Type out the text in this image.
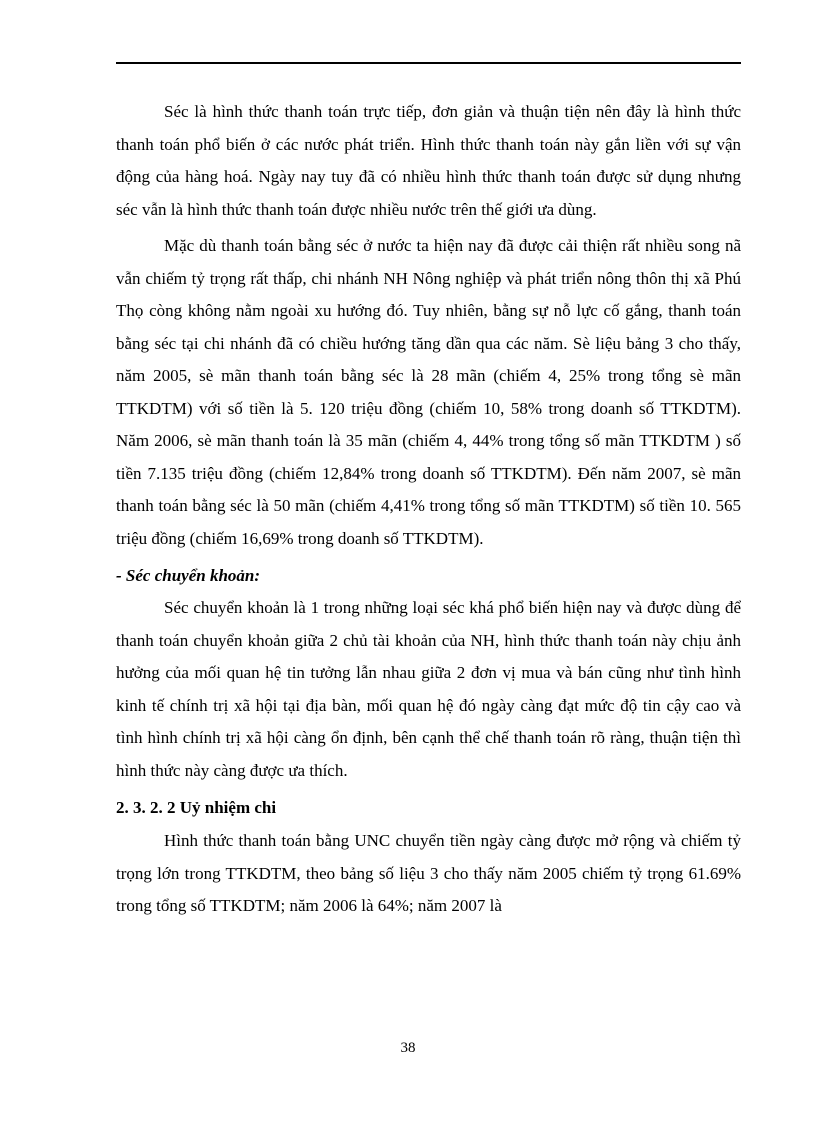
Séc là hình thức thanh toán trực tiếp, đơn giản và thuận tiện nên đây là hình thức thanh toán phổ biến ở các nước phát triển. Hình thức thanh toán này gắn liền với sự vận động của hàng hoá. Ngày nay tuy đã có nhiều hình thức thanh toán được sử dụng nhưng séc vẫn là hình thức thanh toán được nhiều nước trên thế giới ưa dùng.

Mặc dù thanh toán bằng séc ở nước ta hiện nay đã được cải thiện rất nhiều song nã vẫn chiếm tỷ trọng rất thấp, chi nhánh NH Nông nghiệp và phát triển nông thôn thị xã Phú Thọ còng không nằm ngoài xu hướng đó. Tuy nhiên, bằng sự nỗ lực cố gắng, thanh toán bằng séc tại chi nhánh đã có chiều hướng tăng dần qua các năm. Sè liệu bảng 3 cho thấy, năm 2005, sè mãn thanh toán bằng séc là 28 mãn (chiếm 4, 25% trong tổng sè mãn TTKDTM) với số tiền là 5. 120 triệu đồng (chiếm 10, 58% trong doanh số TTKDTM). Năm 2006, sè mãn thanh toán là 35 mãn (chiếm 4, 44% trong tổng số mãn TTKDTM ) số tiền 7.135 triệu đồng (chiếm 12,84% trong doanh số TTKDTM). Đến năm 2007, sè mãn thanh toán bằng séc là 50 mãn (chiếm 4,41% trong tổng số mãn TTKDTM) số tiền 10. 565 triệu đồng (chiếm 16,69% trong doanh số TTKDTM).

- Séc chuyển khoản:

Séc chuyển khoản là 1 trong những loại séc khá phổ biến hiện nay và được dùng để thanh toán chuyển khoản giữa 2 chủ tài khoản của NH, hình thức thanh toán này chịu ảnh hưởng của mối quan hệ tin tưởng lẫn nhau giữa 2 đơn vị mua và bán cũng như tình hình kinh tế chính trị xã hội tại địa bàn, mối quan hệ đó ngày càng đạt mức độ tin cậy cao và tình hình chính trị xã hội càng ổn định, bên cạnh thể chế thanh toán rõ ràng, thuận tiện thì hình thức này càng được ưa thích.

2. 3. 2. 2 Uỷ nhiệm chi

Hình thức thanh toán bằng UNC chuyển tiền ngày càng được mở rộng và chiếm tỷ trọng lớn trong TTKDTM, theo bảng số liệu 3 cho thấy năm 2005 chiếm tỷ trọng 61.69% trong tổng số TTKDTM; năm 2006 là 64%; năm 2007 là

38
